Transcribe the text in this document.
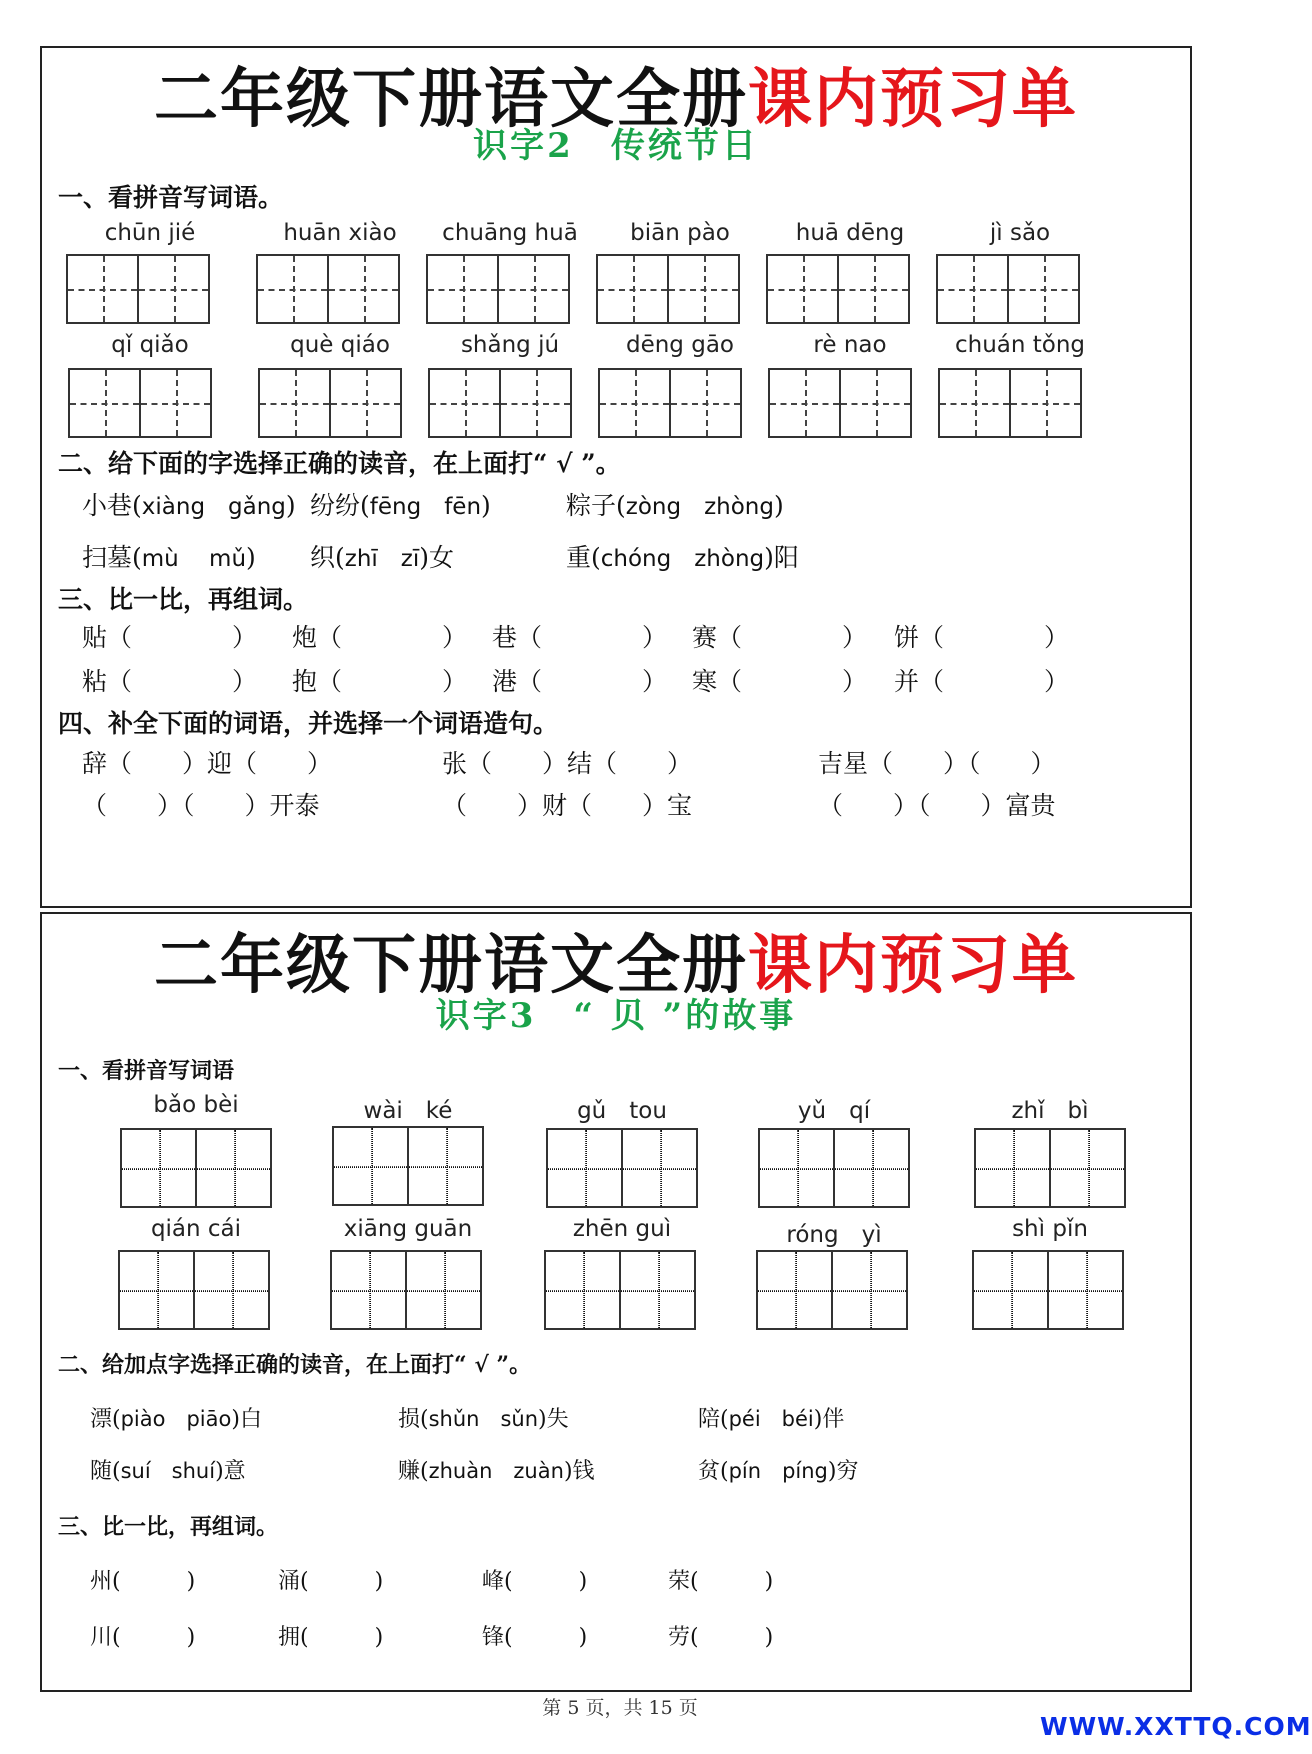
二年级下册语文全册课内预习单
识字2　传统节日
一、看拼音写词语。
chūn jié	huān xiào	chuāng huā	biān pào	huā dēng	jì sǎo
qǐ qiǎo	què qiáo	shǎng jú	dēng gāo	rè nao	chuán tǒng
二、给下面的字选择正确的读音，在上面打“ √ ”。
小巷(xiàng　gǎng) 纷纷(fēng　fēn)	粽子(zòng　zhòng)
扫墓(mù　 mǔ) 织(zhī　zī)女	重(chóng　zhòng)阳
三、比一比，再组词。
贴（　　　　） 炮（　　　　） 巷（　　　　） 赛（　　　　） 饼（　　　　）
粘（　　　　） 抱（　　　　） 港（　　　　） 寒（　　　　） 并（　　　　）
四、补全下面的词语，并选择一个词语造句。
辞（　　）迎（　　）	张（　　）结（　　）	吉星（　　）（　　）
（　　）（　　）开泰	（　　）财（　　）宝	（　　）（　　）富贵
二年级下册语文全册课内预习单
识字3　“ 贝 ”的故事
一、看拼音写词语
bǎo bèi	wài　ké	gǔ　tou	yǔ　qí	zhǐ　bì
qián cái	xiāng guān	zhēn guì	róng　yì	shì pǐn
二、给加点字选择正确的读音，在上面打“ √ ”。
漂(piào　piāo)白	损(shǔn　sǔn)失	陪(péi　béi)伴
随(suí　shuí)意	赚(zhuàn　zuàn)钱	贫(pín　píng)穷
三、比一比，再组词。
州(　　　)	涌(　　　)	峰(　　　)	荣(　　　)
川(　　　)	拥(　　　)	锋(　　　)	劳(　　　)
第 5 页，共 15 页
WWW.XXTTQ.COM
